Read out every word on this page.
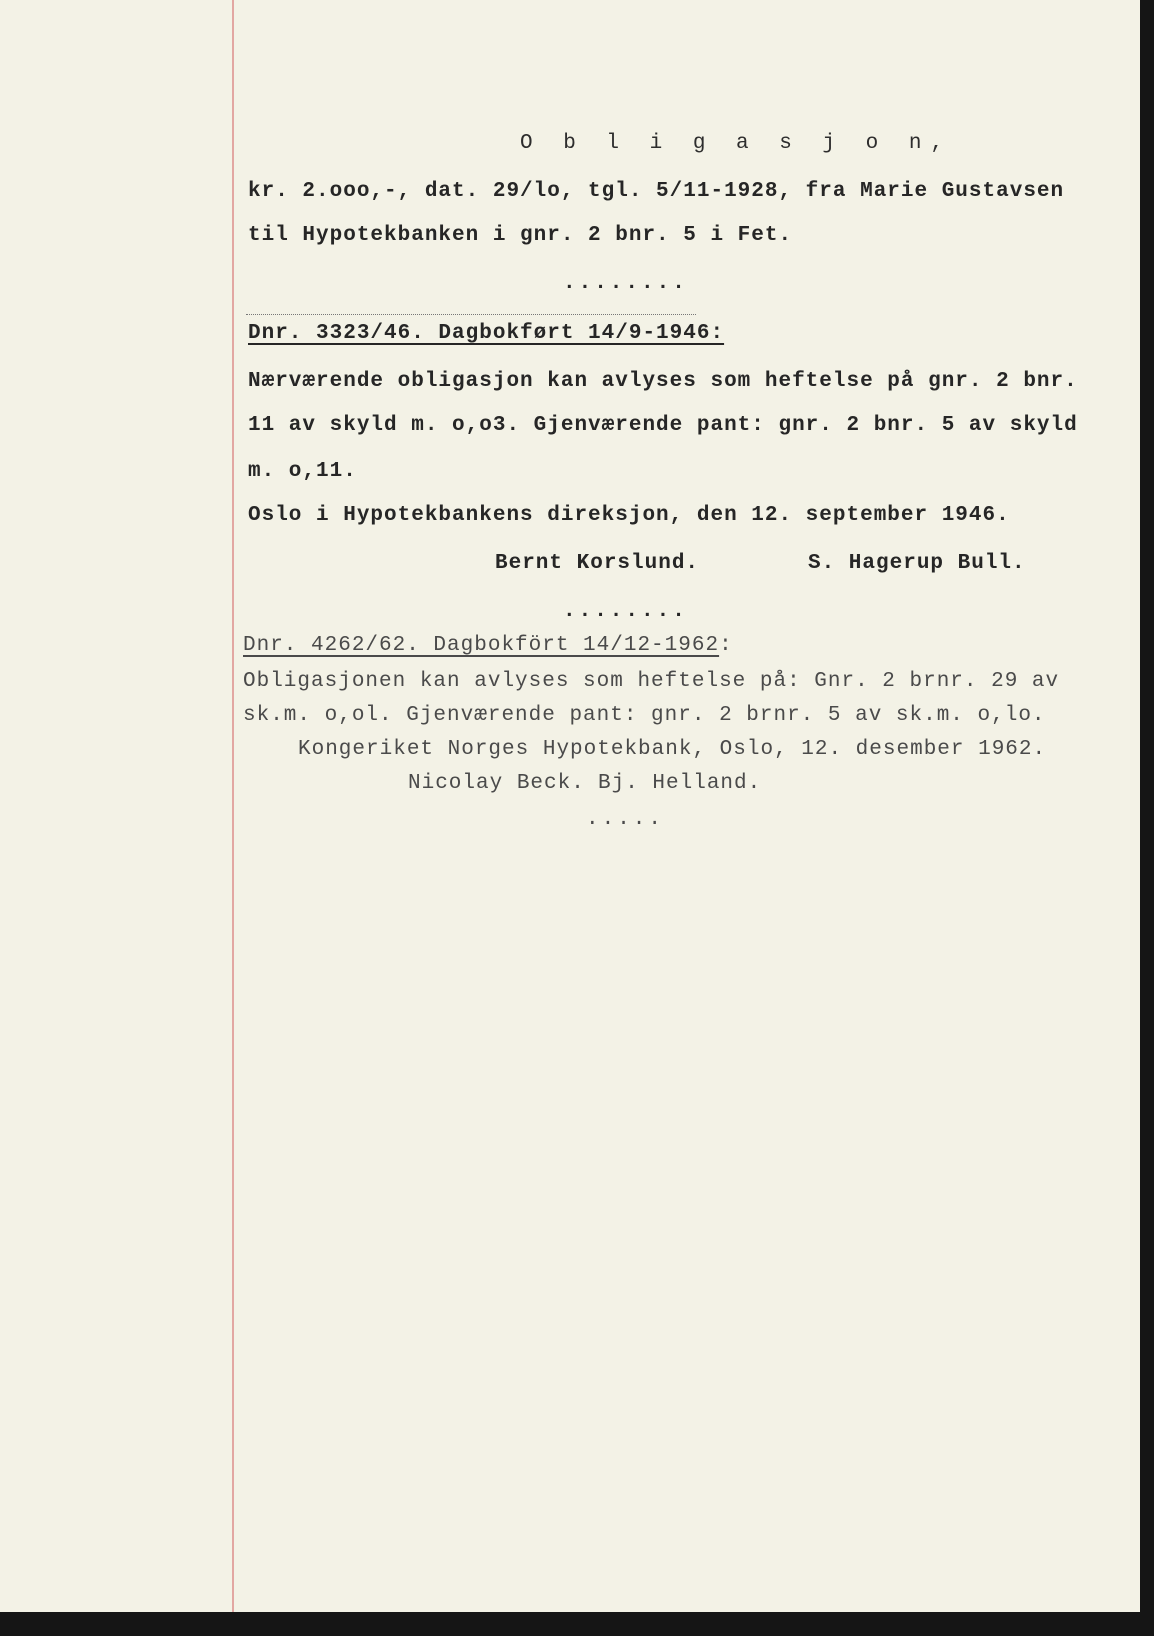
O b l i g a s j o n,
kr. 2.ooo,-, dat. 29/lo, tgl. 5/11-1928, fra Marie Gustavsen
til Hypotekbanken i gnr. 2 bnr. 5 i Fet.
........
Dnr. 3323/46. Dagbokført 14/9-1946:
Nærværende obligasjon kan avlyses som heftelse på gnr. 2 bnr.
11 av skyld m. o,o3. Gjenværende pant: gnr. 2 bnr. 5 av skyld
m. o,11.
Oslo i Hypotekbankens direksjon, den 12. september 1946.
Bernt Korslund.	S. Hagerup Bull.
........
Dnr. 4262/62. Dagbokfört 14/12-1962:
Obligasjonen kan avlyses som heftelse på: Gnr. 2 brnr. 29 av
sk.m. o,ol. Gjenværende pant: gnr. 2 brnr. 5 av sk.m. o,lo.
Kongeriket Norges Hypotekbank, Oslo, 12. desember 1962.
Nicolay Beck. Bj. Helland.
.....
